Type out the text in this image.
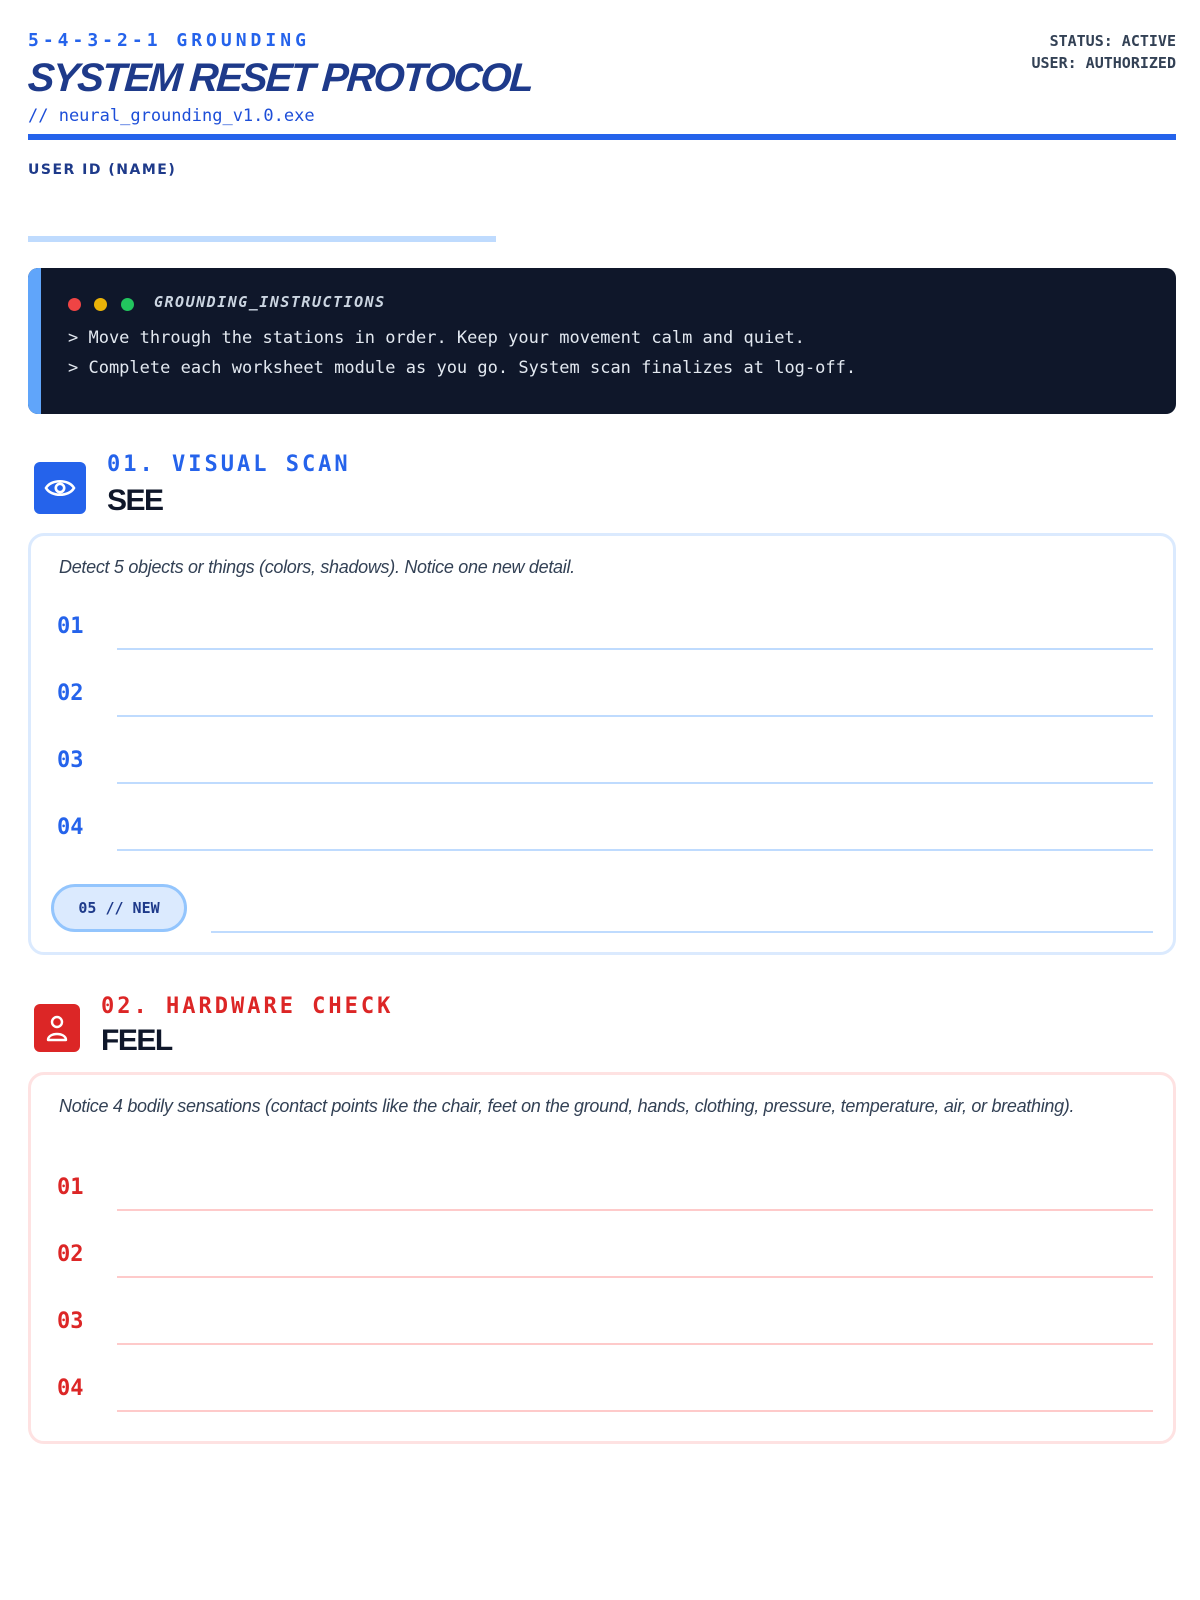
5-4-3-2-1 GROUNDING
SYSTEM RESET PROTOCOL
// neural_grounding_v1.0.exe
STATUS: ACTIVE
USER: AUTHORIZED
USER ID (NAME)
GROUNDING_INSTRUCTIONS
> Move through the stations in order. Keep your movement calm and quiet.
> Complete each worksheet module as you go. System scan finalizes at log-off.
01. VISUAL SCAN
SEE
Detect 5 objects or things (colors, shadows). Notice one new detail.
01
02
03
04
05 // NEW
02. HARDWARE CHECK
FEEL
Notice 4 bodily sensations (contact points like the chair, feet on the ground, hands, clothing, pressure, temperature, air, or breathing).
01
02
03
04
